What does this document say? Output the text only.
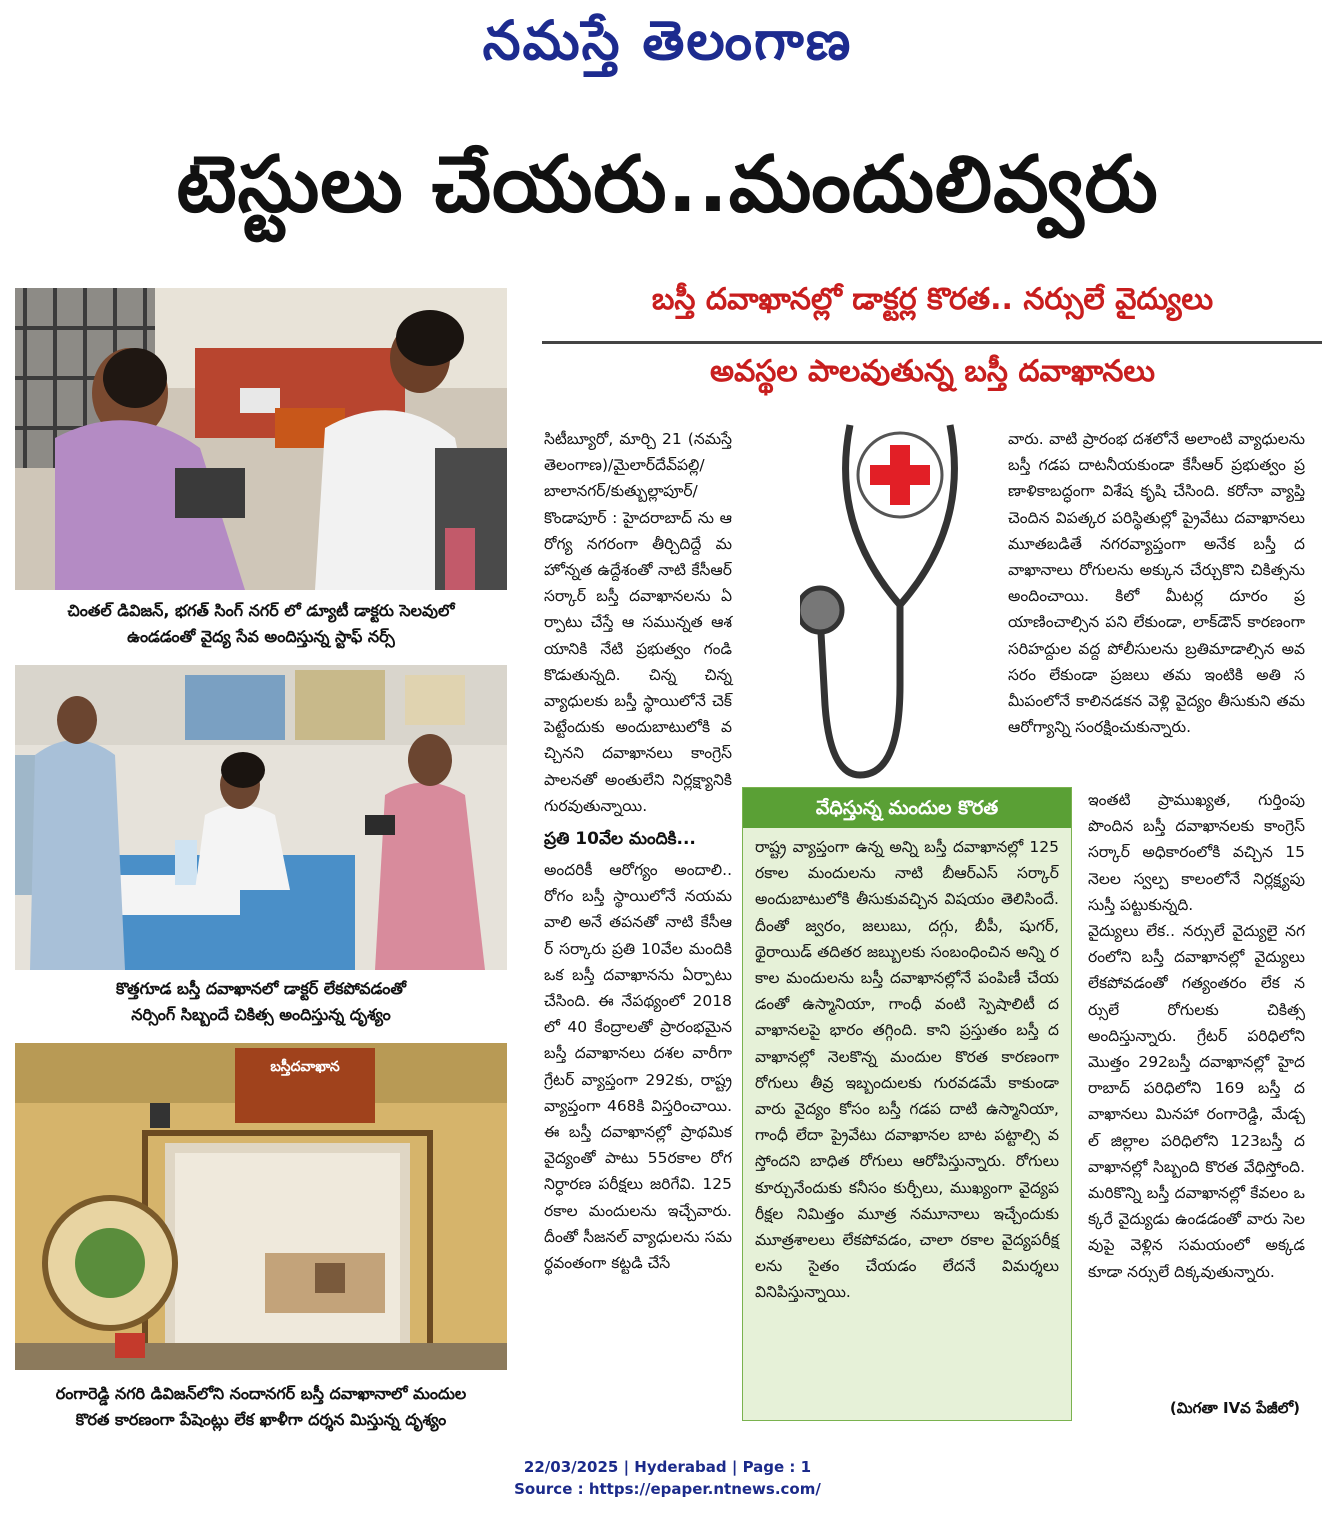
నమస్తే తెలంగాణ
టెస్టులు చేయరు..మందులివ్వరు
చింతల్ డివిజన్, భగత్ సింగ్ నగర్ లో డ్యూటీ డాక్టరు సెలవులో
ఉండడంతో వైద్య సేవ అందిస్తున్న స్టాఫ్ నర్స్
కొత్తగూడ బస్తీ దవాఖానలో డాక్టర్ లేకపోవడంతో
నర్సింగ్ సిబ్బందే చికిత్స అందిస్తున్న దృశ్యం
బస్తీదవాఖాన
రంగారెడ్డి నగరి డివిజన్‌లోని నందానగర్ బస్తీ దవాఖానాలో మందుల
కొరత కారణంగా పేషెంట్లు లేక ఖాళీగా దర్శన మిస్తున్న దృశ్యం
బస్తీ దవాఖానల్లో డాక్టర్ల కొరత.. నర్సులే వైద్యులు
అవస్థల పాలవుతున్న బస్తీ దవాఖానలు

సిటీబ్యూరో, మార్చి 21 (నమస్తే తెలంగాణ)/మైలార్‌దేవ్‌పల్లి/బాలానగర్/కుత్బుల్లాపూర్/ కొండాపూర్ : హైదరాబాద్ ను ఆరోగ్య నగరంగా తీర్చిదిద్దే మహోన్నత ఉద్దేశంతో నాటి కేసీఆర్ సర్కార్ బస్తీ దవాఖానలను ఏర్పాటు చేస్తే ఆ సమున్నత ఆశయానికి నేటి ప్రభుత్వం గండి కొడుతున్నది. చిన్న చిన్న వ్యాధులకు బస్తీ స్థాయిలోనే చెక్ పెట్టేందుకు అందుబాటులోకి వచ్చినని దవాఖానలు కాంగ్రెస్ పాలనతో అంతులేని నిర్లక్ష్యానికి గురవుతున్నాయి.

ప్రతి 10వేల మందికి...

అందరికీ ఆరోగ్యం అందాలి..రోగం బస్తీ స్థాయిలోనే నయమవాలి అనే తపనతో నాటి కేసీఆర్ సర్కారు ప్రతి 10వేల మందికి ఒక బస్తీ దవాఖానను ఏర్పాటు చేసింది. ఈ నేపథ్యంలో 2018లో 40 కేంద్రాలతో ప్రారంభమైన బస్తీ దవాఖానలు దశల వారీగా గ్రేటర్ వ్యాప్తంగా 292కు, రాష్ట్ర వ్యాప్తంగా 468కి విస్తరించాయి. ఈ బస్తీ దవాఖానల్లో ప్రాథమిక వైద్యంతో పాటు 55రకాల రోగ నిర్ధారణ పరీక్షలు జరిగేవి. 125 రకాల మందులను ఇచ్చేవారు. దీంతో సీజనల్ వ్యాధులను సమర్థవంతంగా కట్టడి చేసే

వారు. వాటి ప్రారంభ దశలోనే అలాంటి వ్యాధులను బస్తీ గడప దాటనీయకుండా కేసీఆర్ ప్రభుత్వం ప్రణాళికాబద్ధంగా విశేష కృషి చేసింది. కరోనా వ్యాప్తి చెందిన విపత్కర పరిస్థితుల్లో ప్రైవేటు దవాఖానలు మూతబడితే నగరవ్యాప్తంగా అనేక బస్తీ దవాఖానాలు రోగులను అక్కున చేర్చుకొని చికిత్సను అందించాయి. కిలో మీటర్ల దూరం ప్రయాణించాల్సిన పని లేకుండా, లాక్‌డౌన్ కారణంగా సరిహద్దుల వద్ద పోలీసులను బ్రతిమాడాల్సిన అవసరం లేకుండా ప్రజలు తమ ఇంటికి అతి సమీపంలోనే కాలినడకన వెళ్లి వైద్యం తీసుకుని తమ ఆరోగ్యాన్ని సంరక్షించుకున్నారు.

ఇంతటి ప్రాముఖ్యత, గుర్తింపు పొందిన బస్తీ దవాఖానలకు కాంగ్రెస్ సర్కార్ అధికారంలోకి వచ్చిన 15 నెలల స్వల్ప కాలంలోనే నిర్లక్ష్యపు సుస్తీ పట్టుకున్నది.

వైద్యులు లేక.. నర్సులే వైద్యులై నగరంలోని బస్తీ దవాఖానల్లో వైద్యులు లేకపోవడంతో గత్యంతరం లేక నర్సులే రోగులకు చికిత్స అందిస్తున్నారు. గ్రేటర్ పరిధిలోని మొత్తం 292బస్తీ దవాఖానల్లో హైదరాబాద్ పరిధిలోని 169 బస్తీ దవాఖానలు మినహా రంగారెడ్డి, మేడ్చల్ జిల్లాల పరిధిలోని 123బస్తీ దవాఖానల్లో సిబ్బంది కొరత వేధిస్తోంది. మరికొన్ని బస్తీ దవాఖానల్లో కేవలం ఒక్కరే వైద్యుడు ఉండడంతో వారు సెలవుపై వెళ్లిన సమయంలో అక్కడ కూడా నర్సులే దిక్కవుతున్నారు.

వేధిస్తున్న మందుల కొరత
రాష్ట్ర వ్యాప్తంగా ఉన్న అన్ని బస్తీ దవాఖానల్లో 125రకాల మందులను నాటి బీఆర్ఎస్ సర్కార్ అందుబాటులోకి తీసుకువచ్చిన విషయం తెలిసిందే. దీంతో జ్వరం, జలుబు, దగ్గు, బీపీ, షుగర్, థైరాయిడ్ తదితర జబ్బులకు సంబంధించిన అన్ని రకాల మందులను బస్తీ దవాఖానల్లోనే పంపిణీ చేయడంతో ఉస్మానియా, గాంధీ వంటి స్పెషాలిటీ దవాఖానలపై భారం తగ్గింది. కాని ప్రస్తుతం బస్తీ దవాఖానల్లో నెలకొన్న మందుల కొరత కారణంగా రోగులు తీవ్ర ఇబ్బందులకు గురవడమే కాకుండా వారు వైద్యం కోసం బస్తీ గడప దాటి ఉస్మానియా, గాంధీ లేదా ప్రైవేటు దవాఖానల బాట పట్టాల్సి వస్తోందని బాధిత రోగులు ఆరోపిస్తున్నారు. రోగులు కూర్చునేందుకు కనీసం కుర్చీలు, ముఖ్యంగా వైద్యపరీక్షల నిమిత్తం మూత్ర నమూనాలు ఇచ్చేందుకు మూత్రశాలలు లేకపోవడం, చాలా రకాల వైద్యపరీక్షలను సైతం చేయడం లేదనే విమర్శలు వినిపిస్తున్నాయి.
(మిగతా IVవ పేజీలో)
22/03/2025 | Hyderabad | Page : 1
Source : https://epaper.ntnews.com/
